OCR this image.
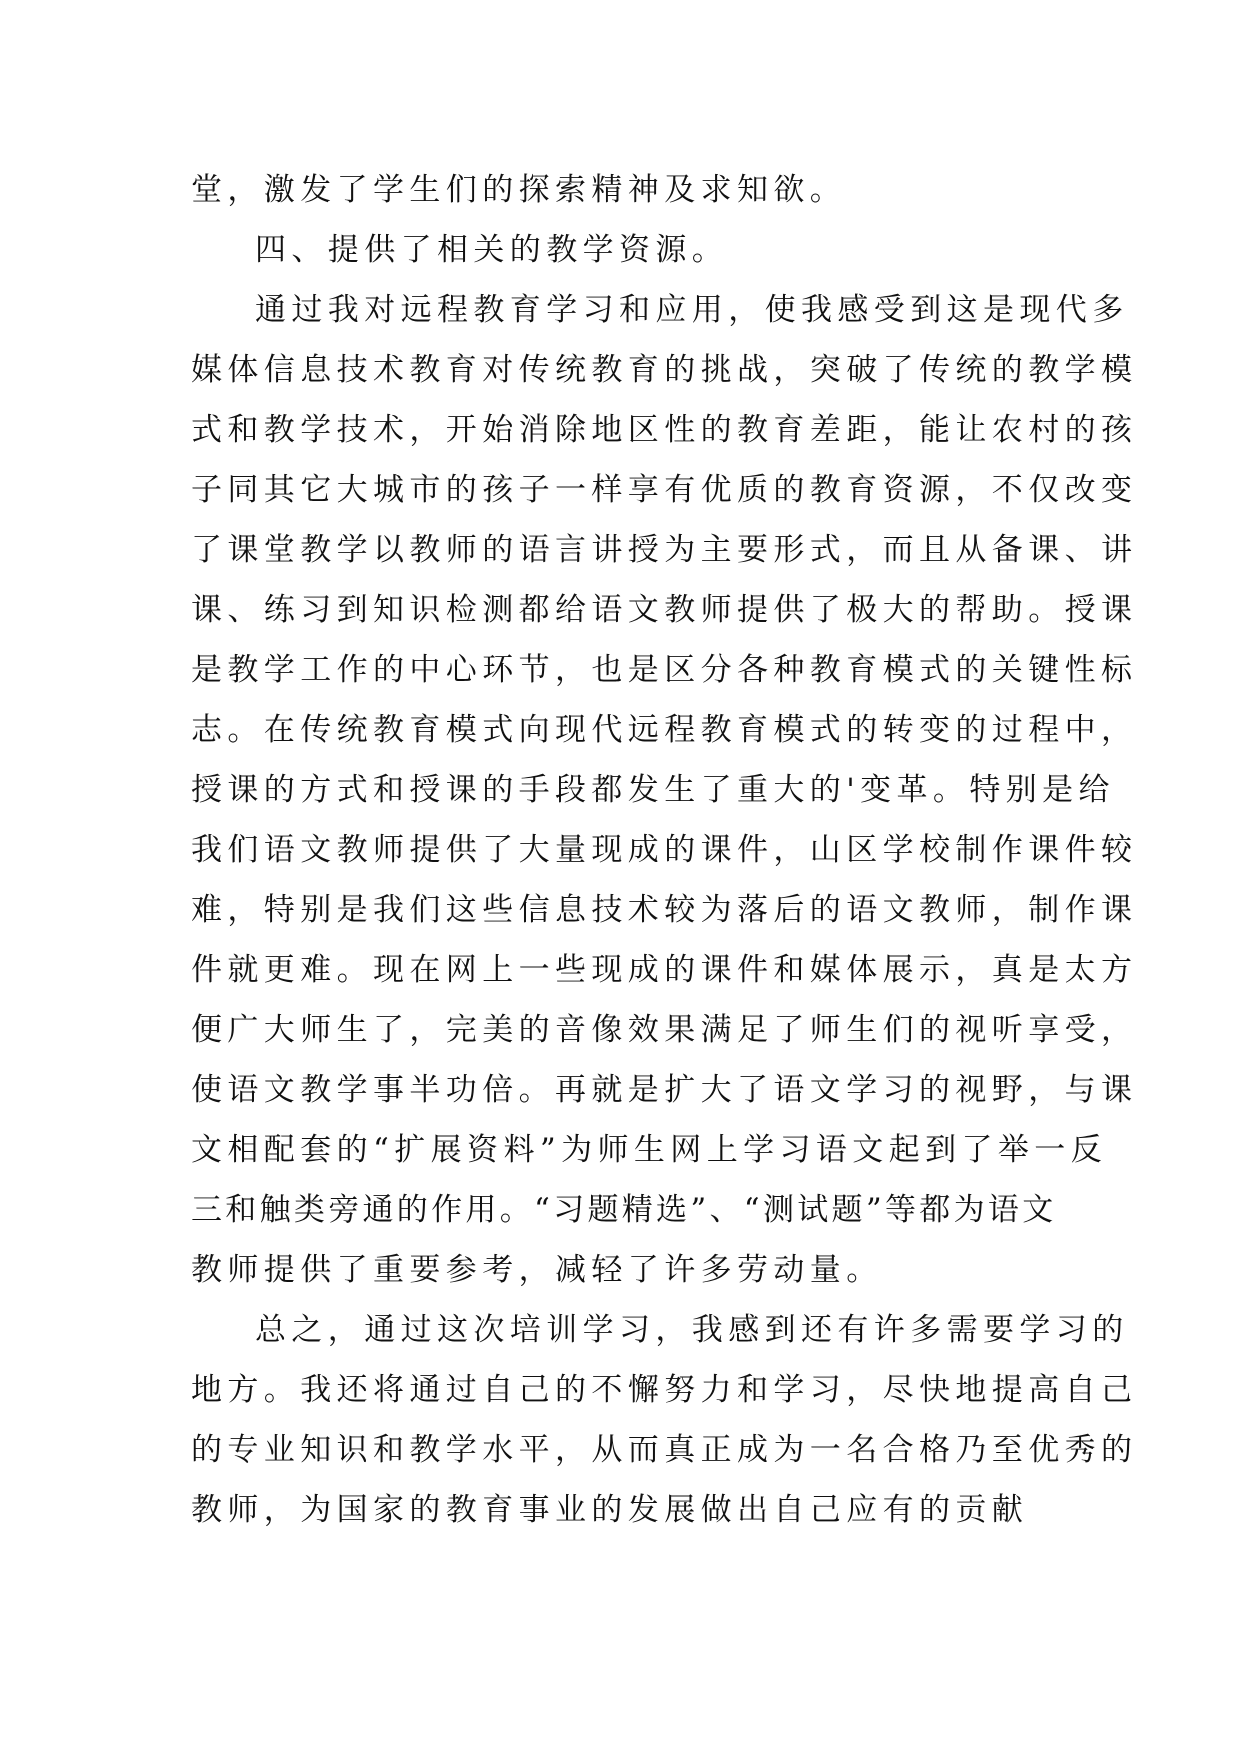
堂，激发了学生们的探索精神及求知欲。
四、提供了相关的教学资源。
通过我对远程教育学习和应用，使我感受到这是现代多
媒体信息技术教育对传统教育的挑战，突破了传统的教学模
式和教学技术，开始消除地区性的教育差距，能让农村的孩
子同其它大城市的孩子一样享有优质的教育资源，不仅改变
了课堂教学以教师的语言讲授为主要形式，而且从备课、讲
课、练习到知识检测都给语文教师提供了极大的帮助。授课
是教学工作的中心环节，也是区分各种教育模式的关键性标
志。在传统教育模式向现代远程教育模式的转变的过程中，
授课的方式和授课的手段都发生了重大的'变革。特别是给
我们语文教师提供了大量现成的课件，山区学校制作课件较
难，特别是我们这些信息技术较为落后的语文教师，制作课
件就更难。现在网上一些现成的课件和媒体展示，真是太方
便广大师生了，完美的音像效果满足了师生们的视听享受，
使语文教学事半功倍。再就是扩大了语文学习的视野，与课
文相配套的“扩展资料”为师生网上学习语文起到了举一反
三和触类旁通的作用。“习题精选”、“测试题”等都为语文
教师提供了重要参考，减轻了许多劳动量。
总之，通过这次培训学习，我感到还有许多需要学习的
地方。我还将通过自己的不懈努力和学习，尽快地提高自己
的专业知识和教学水平，从而真正成为一名合格乃至优秀的
教师，为国家的教育事业的发展做出自己应有的贡献
